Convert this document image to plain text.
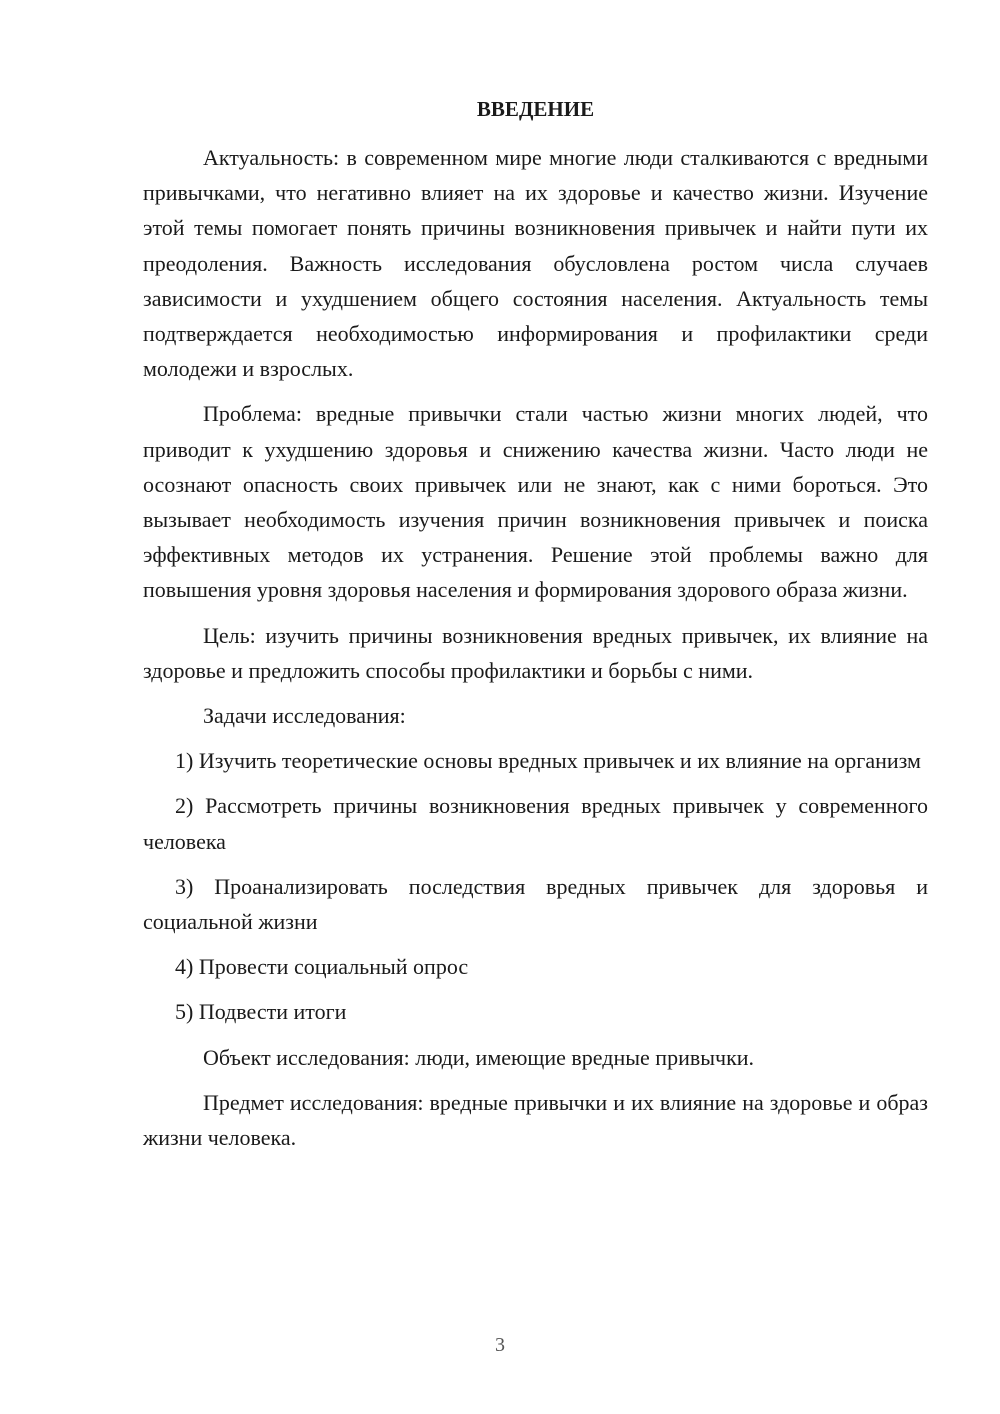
ВВЕДЕНИЕ

Актуальность: в современном мире многие люди сталкиваются с вредными привычками, что негативно влияет на их здоровье и качество жизни. Изучение этой темы помогает понять причины возникновения привычек и найти пути их преодоления. Важность исследования обусловлена ростом числа случаев зависимости и ухудшением общего состояния населения. Актуальность темы подтверждается необходимостью информирования и профилактики среди молодежи и взрослых.

Проблема: вредные привычки стали частью жизни многих людей, что приводит к ухудшению здоровья и снижению качества жизни. Часто люди не осознают опасность своих привычек или не знают, как с ними бороться. Это вызывает необходимость изучения причин возникновения привычек и поиска эффективных методов их устранения. Решение этой проблемы важно для повышения уровня здоровья населения и формирования здорового образа жизни.

Цель: изучить причины возникновения вредных привычек, их влияние на здоровье и предложить способы профилактики и борьбы с ними.

Задачи исследования:

1) Изучить теоретические основы вредных привычек и их влияние на организм

2) Рассмотреть причины возникновения вредных привычек у современного человека

3) Проанализировать последствия вредных привычек для здоровья и социальной жизни

4) Провести социальный опрос

5) Подвести итоги

Объект исследования: люди, имеющие вредные привычки.

Предмет исследования: вредные привычки и их влияние на здоровье и образ жизни человека.

3
